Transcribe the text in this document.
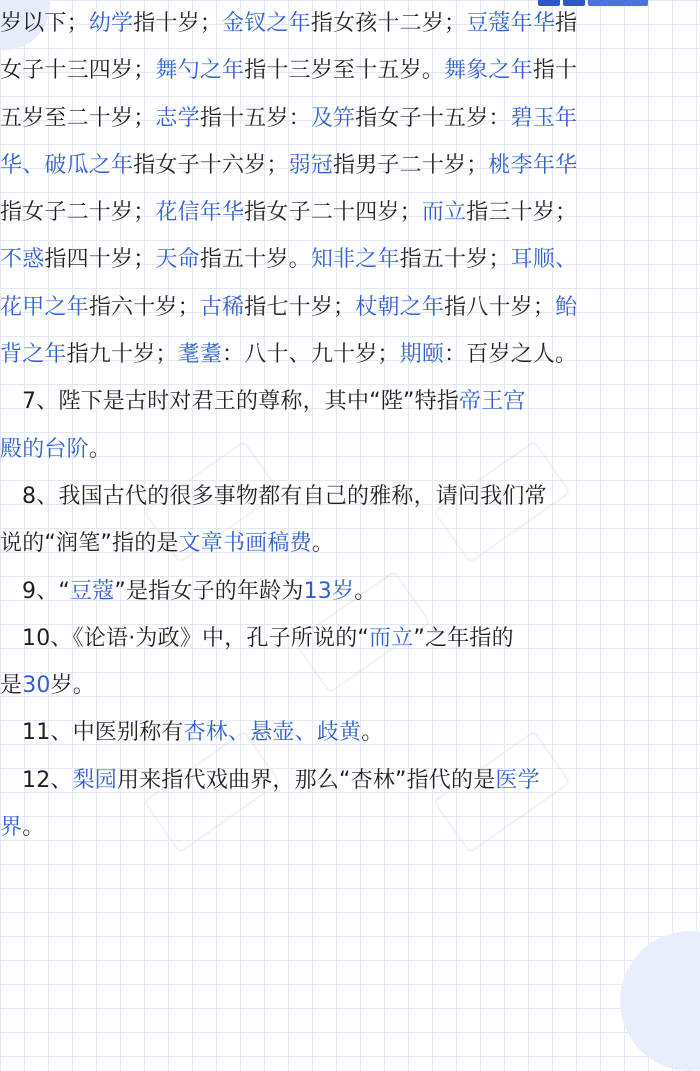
岁以下；幼学指十岁；金钗之年指女孩十二岁；豆蔻年华指
女子十三四岁；舞勺之年指十三岁至十五岁。舞象之年指十
五岁至二十岁；志学指十五岁：及笄指女子十五岁：碧玉年
华、破瓜之年指女子十六岁；弱冠指男子二十岁；桃李年华
指女子二十岁；花信年华指女子二十四岁；而立指三十岁；
不惑指四十岁；天命指五十岁。知非之年指五十岁；耳顺、
花甲之年指六十岁；古稀指七十岁；杖朝之年指八十岁；鲐
背之年指九十岁；耄耋：八十、九十岁；期颐：百岁之人。
7、陛下是古时对君王的尊称，其中“陛”特指帝王宫
殿的台阶。
8、我国古代的很多事物都有自己的雅称，请问我们常
说的“润笔”指的是文章书画稿费。
9、“豆蔻”是指女子的年龄为13岁。
10、《论语·为政》中，孔子所说的“而立”之年指的
是30岁。
11、中医别称有杏林、悬壶、歧黄。
12、梨园用来指代戏曲界，那么“杏林”指代的是医学
界。
